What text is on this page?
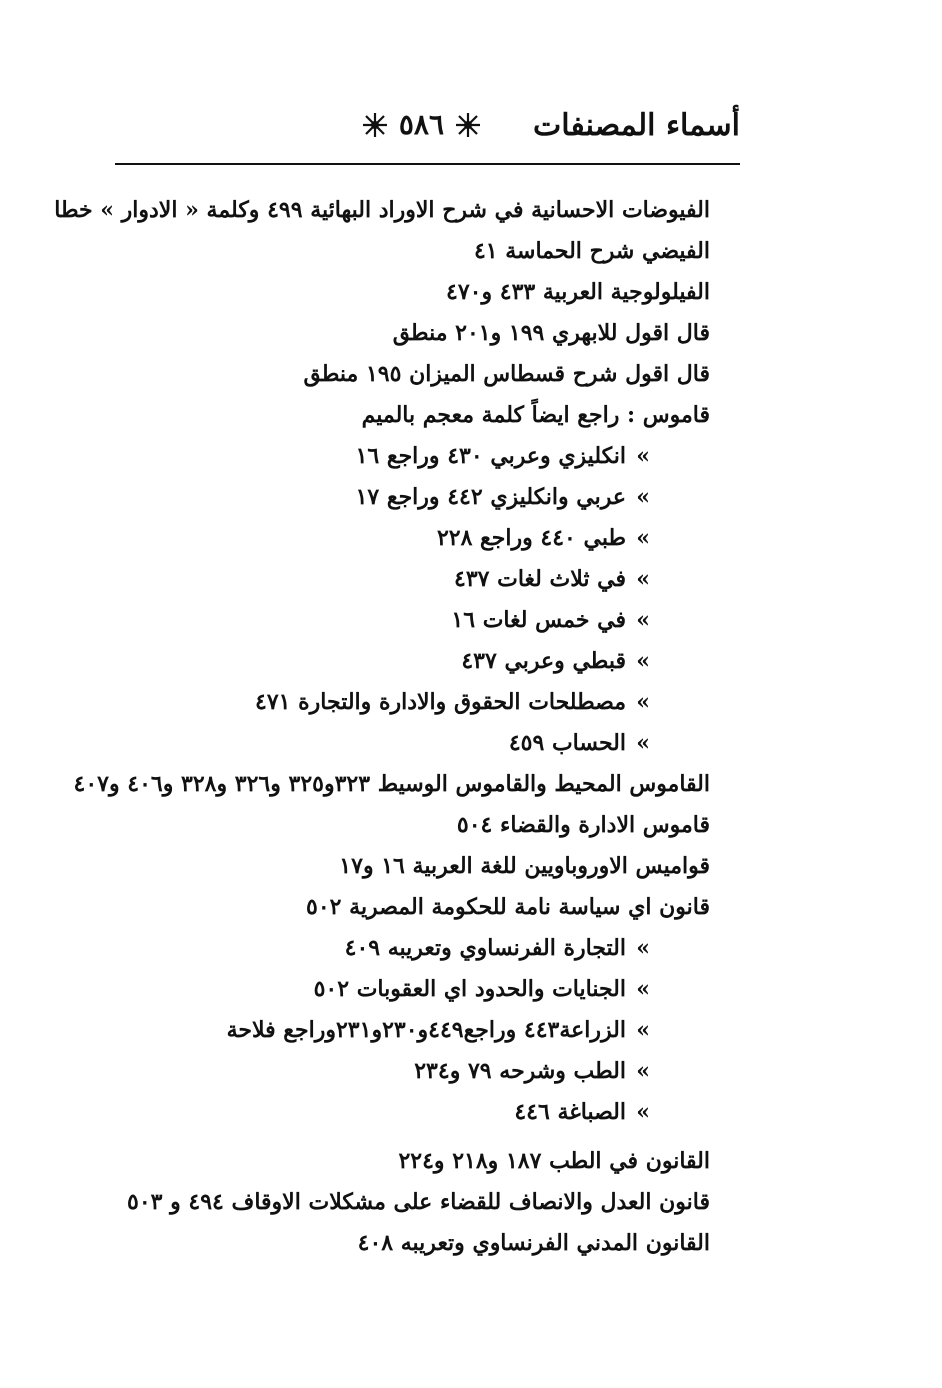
أسماء المصنفات
٥٨٦
الفيوضات الاحسانية في شرح الاوراد البهائية ٤٩٩ وكلمة « الادوار » خطا
الفيضي شرح الحماسة ٤١
الفيلولوجية العربية ٤٣٣ و٤٧٠
قال اقول للابهري ١٩٩ و٢٠١ منطق
قال اقول شرح قسطاس الميزان ١٩٥ منطق
قاموس : راجع ايضاً كلمة معجم بالميم
»انكليزي وعربي ٤٣٠ وراجع ١٦
»عربي وانكليزي ٤٤٢ وراجع ١٧
»طبي ٤٤٠ وراجع ٢٢٨
»في ثلاث لغات ٤٣٧
»في خمس لغات ١٦
»قبطي وعربي ٤٣٧
»مصطلحات الحقوق والادارة والتجارة ٤٧١
»الحساب ٤٥٩
القاموس المحيط والقاموس الوسيط ٣٢٣و٣٢٥ و٣٢٦ و٣٢٨ و٤٠٦ و٤٠٧
قاموس الادارة والقضاء ٥٠٤
قواميس الاوروباويين للغة العربية ١٦ و١٧
قانون اي سياسة نامة للحكومة المصرية ٥٠٢
»التجارة الفرنساوي وتعريبه ٤٠٩
»الجنايات والحدود اي العقوبات ٥٠٢
»الزراعة٤٤٣ وراجع٤٤٩و٢٣٠و٢٣١وراجع فلاحة
»الطب وشرحه ٧٩ و٢٣٤
»الصباغة ٤٤٦
القانون في الطب ١٨٧ و٢١٨ و٢٢٤
قانون العدل والانصاف للقضاء على مشكلات الاوقاف ٤٩٤ و ٥٠٣
القانون المدني الفرنساوي وتعريبه ٤٠٨
